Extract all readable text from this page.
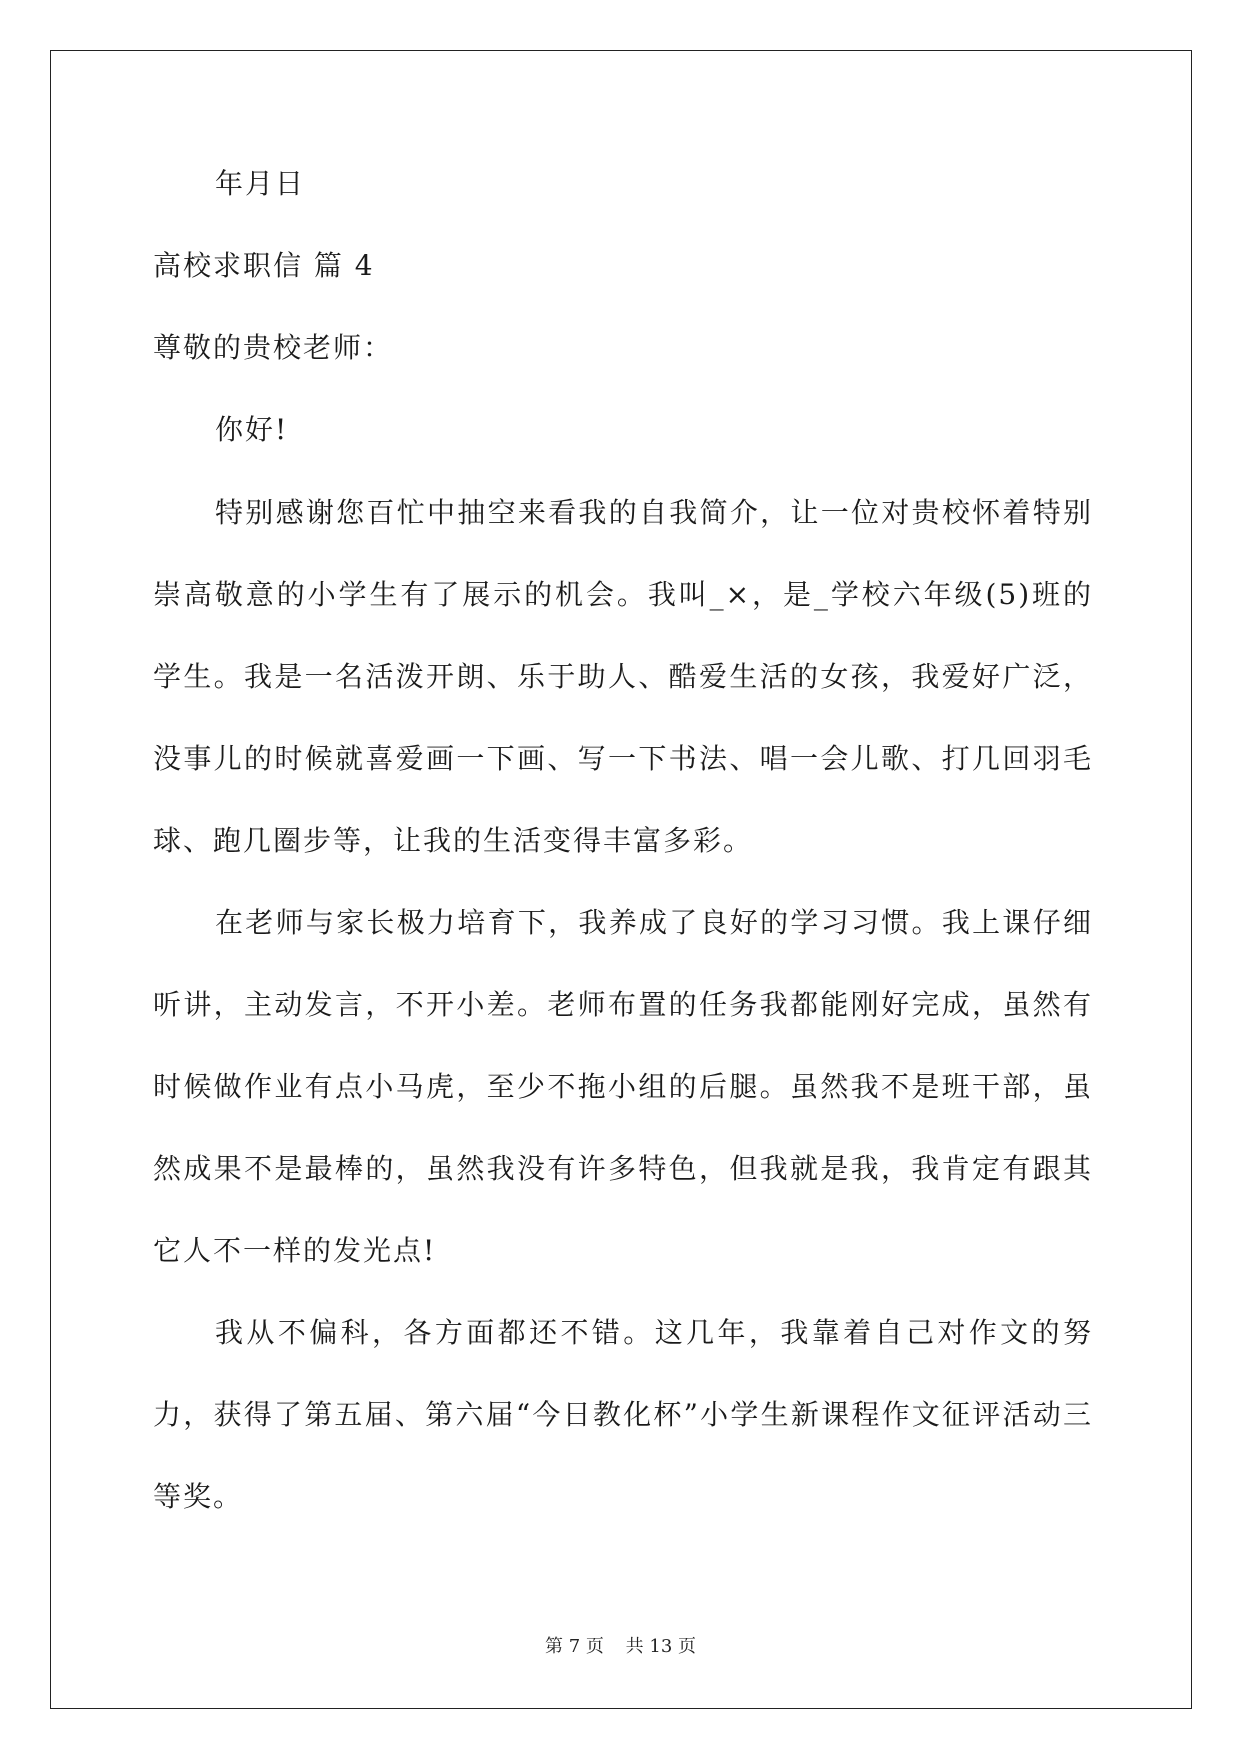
年月日

高校求职信 篇 4

尊敬的贵校老师：

你好!

特别感谢您百忙中抽空来看我的自我简介，让一位对贵校怀着特别崇高敬意的小学生有了展示的机会。我叫_×，是_学校六年级(5)班的学生。我是一名活泼开朗、乐于助人、酷爱生活的女孩，我爱好广泛，没事儿的时候就喜爱画一下画、写一下书法、唱一会儿歌、打几回羽毛球、跑几圈步等，让我的生活变得丰富多彩。

在老师与家长极力培育下，我养成了良好的学习习惯。我上课仔细听讲，主动发言，不开小差。老师布置的任务我都能刚好完成，虽然有时候做作业有点小马虎，至少不拖小组的后腿。虽然我不是班干部，虽然成果不是最棒的，虽然我没有许多特色，但我就是我，我肯定有跟其它人不一样的发光点!

我从不偏科，各方面都还不错。这几年，我靠着自己对作文的努力，获得了第五届、第六届“今日教化杯”小学生新课程作文征评活动三等奖。

第 7 页 共 13 页
